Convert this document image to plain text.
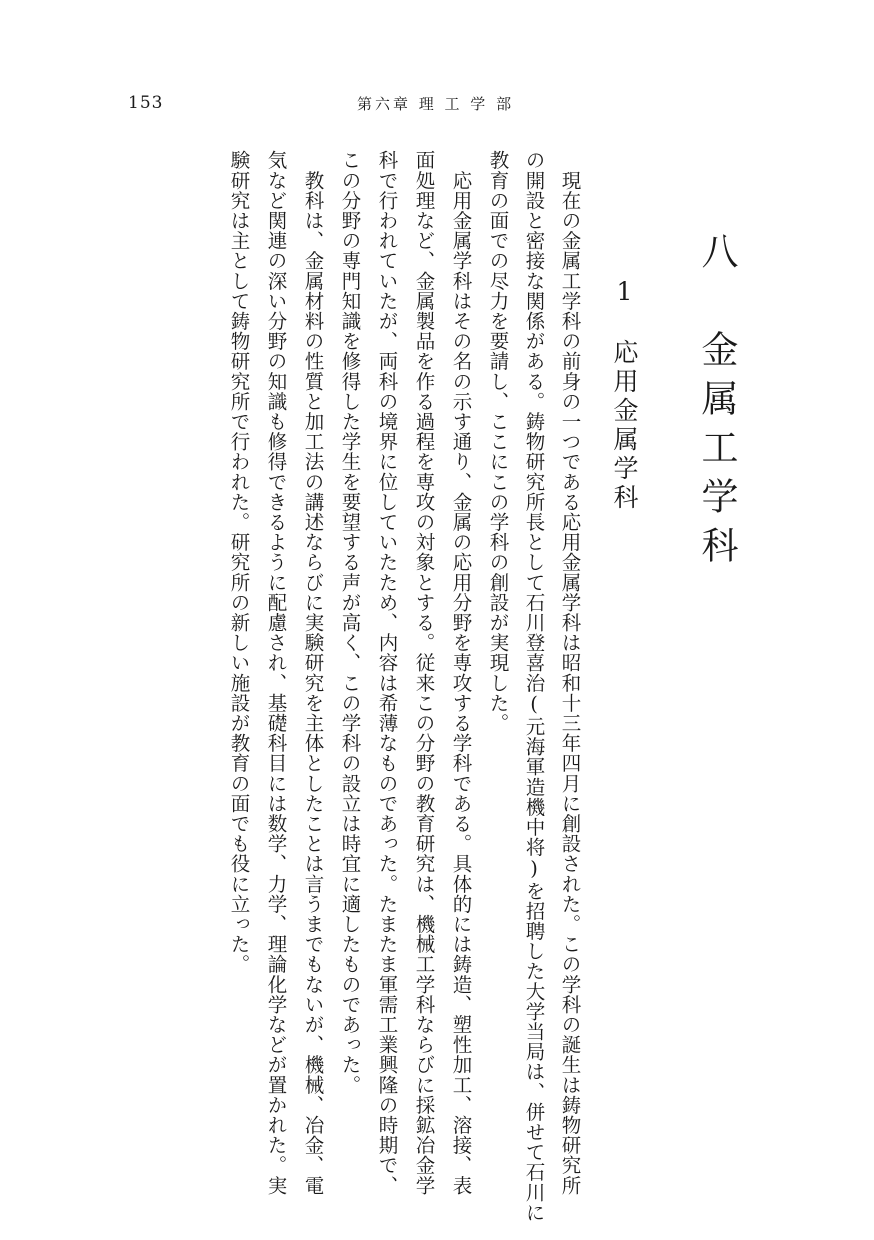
153	第六章 理 工 学 部
八　金属工学科
1　応用金属学科
　現在の金属工学科の前身の一つである応用金属学科は昭和十三年四月に創設された。この学科の誕生は鋳物研究所
の開設と密接な関係がある。鋳物研究所長として石川登喜治(元海軍造機中将)を招聘した大学当局は、併せて石川に
教育の面での尽力を要請し、ここにこの学科の創設が実現した。
　応用金属学科はその名の示す通り、金属の応用分野を専攻する学科である。具体的には鋳造、塑性加工、溶接、表
面処理など、金属製品を作る過程を専攻の対象とする。従来この分野の教育研究は、機械工学科ならびに採鉱冶金学
科で行われていたが、両科の境界に位していたため、内容は希薄なものであった。たまたま軍需工業興隆の時期で、
この分野の専門知識を修得した学生を要望する声が高く、この学科の設立は時宜に適したものであった。
　教科は、金属材料の性質と加工法の講述ならびに実験研究を主体としたことは言うまでもないが、機械、冶金、電
気など関連の深い分野の知識も修得できるように配慮され、基礎科目には数学、力学、理論化学などが置かれた。実
験研究は主として鋳物研究所で行われた。研究所の新しい施設が教育の面でも役に立った。
